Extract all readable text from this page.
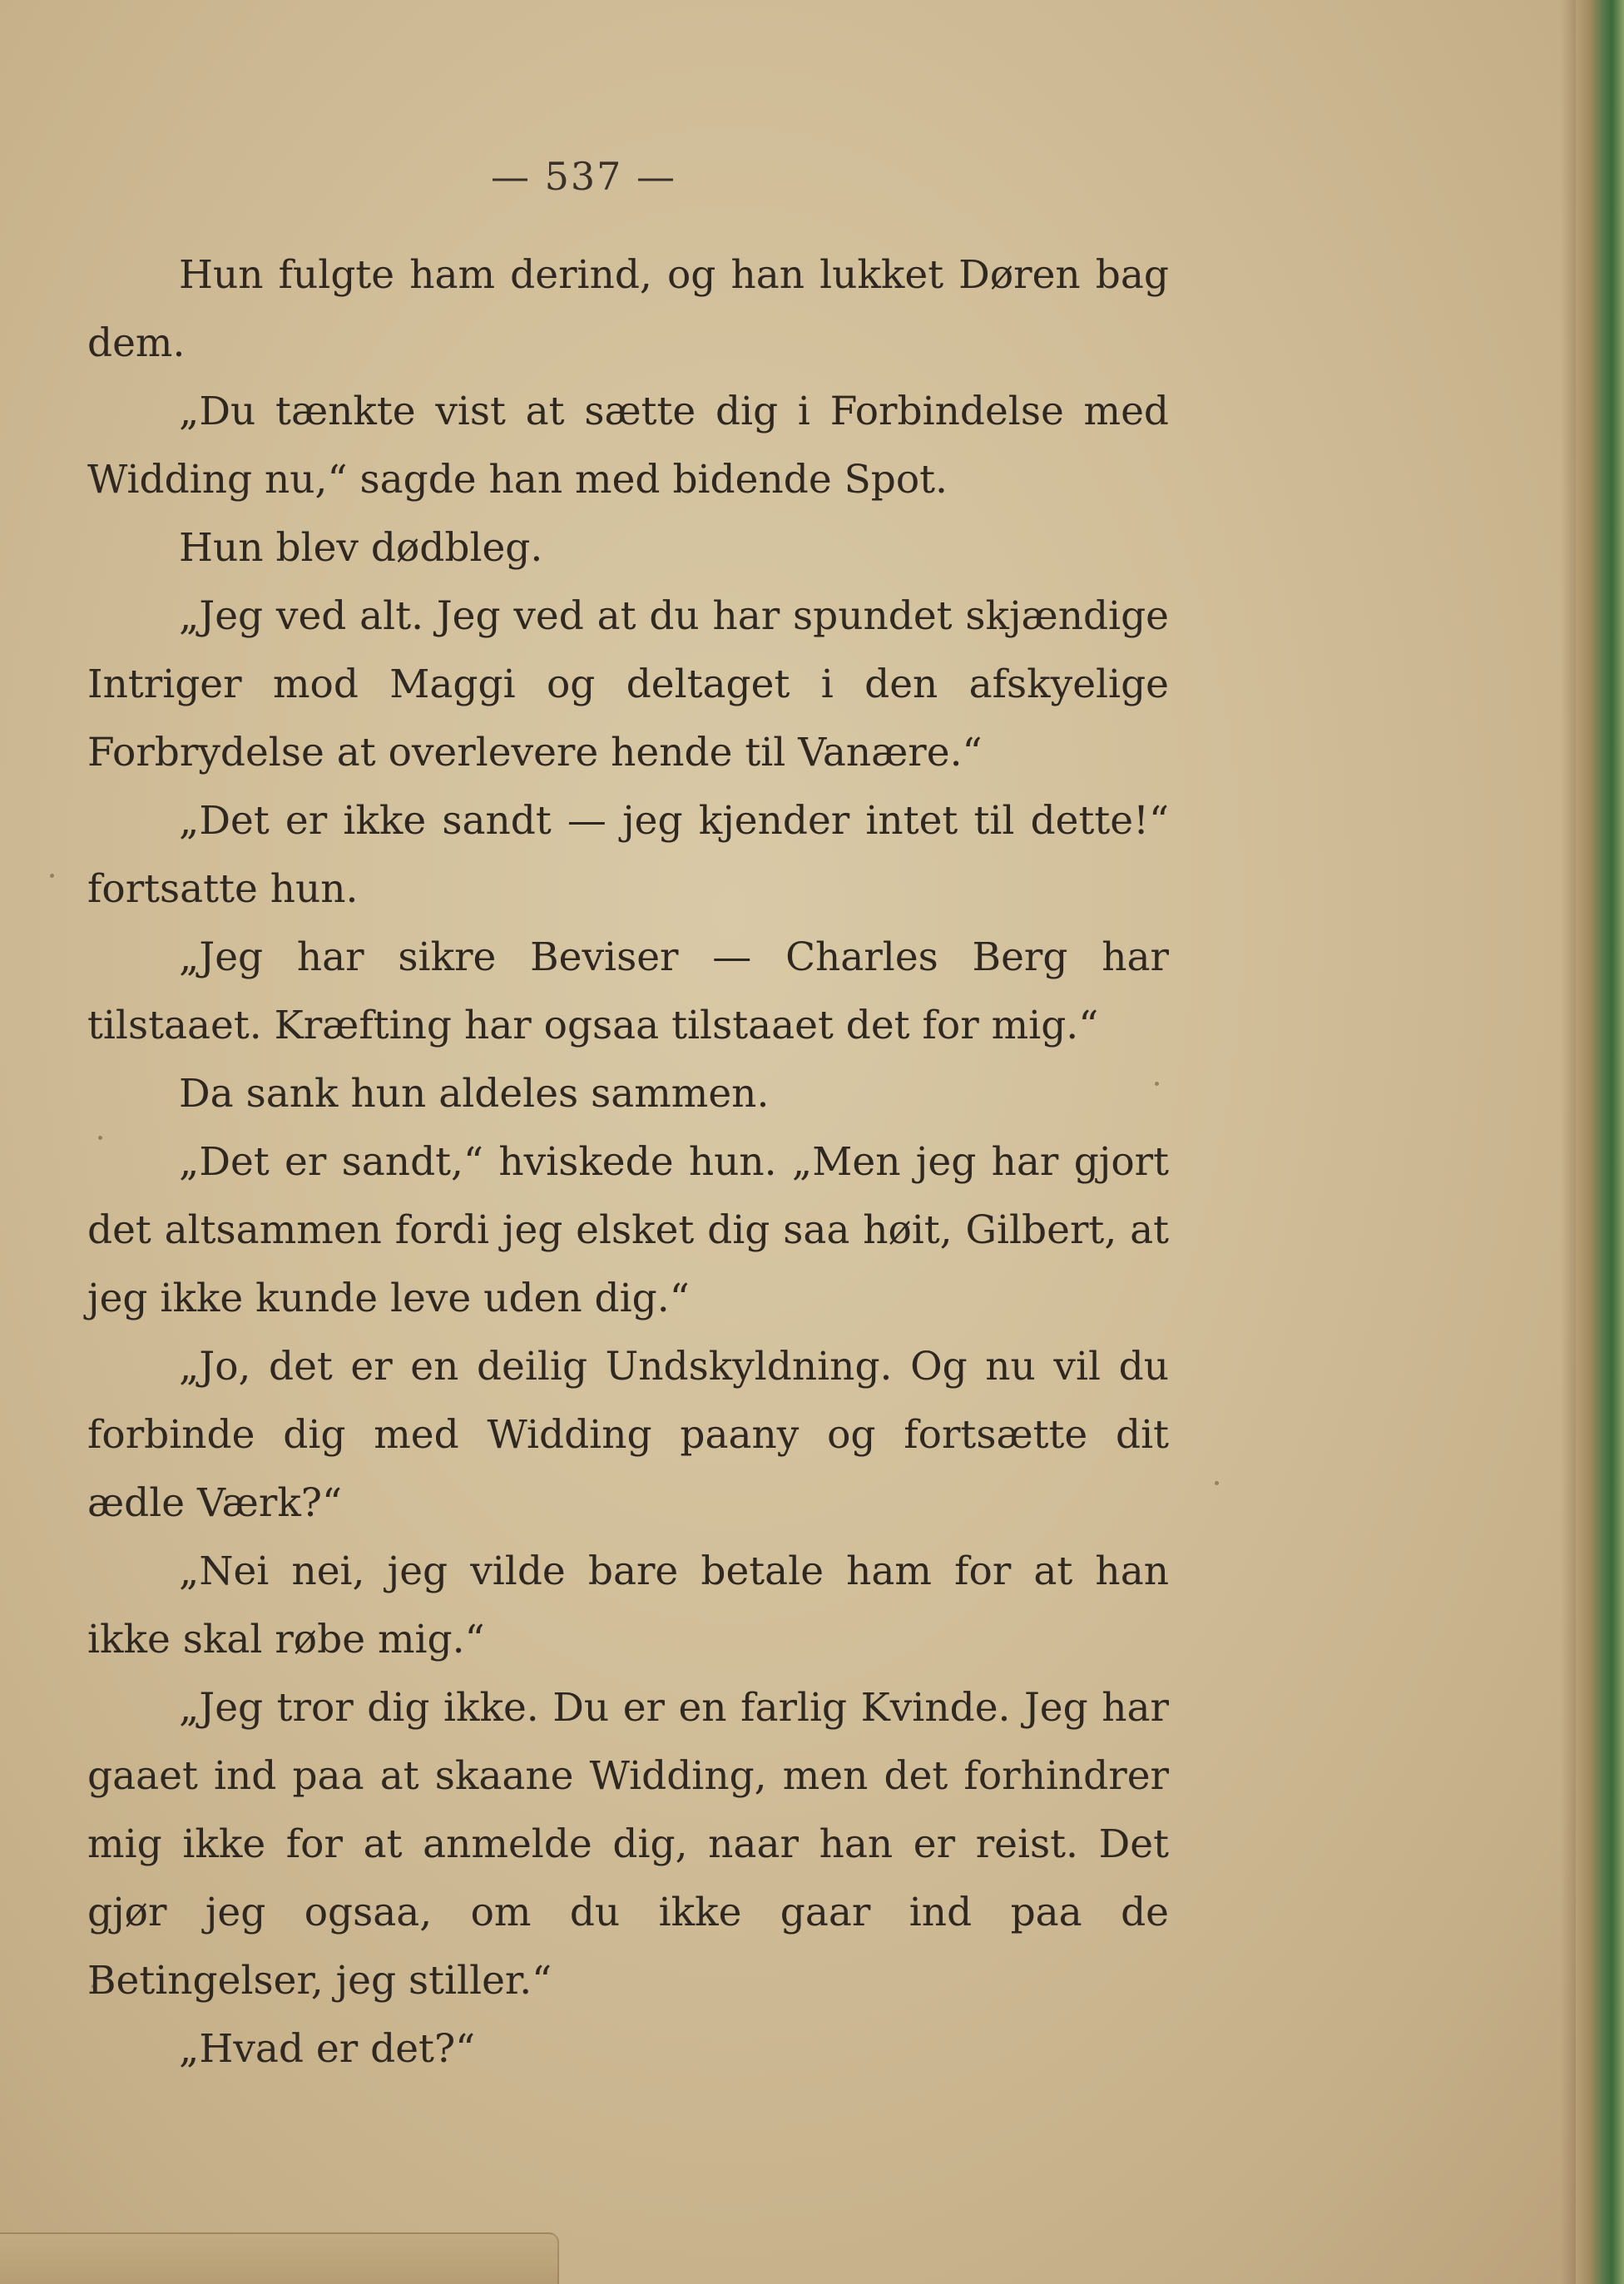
— 537 —

Hun fulgte ham derind, og han lukket Døren bag dem.

„Du tænkte vist at sætte dig i Forbindelse med Widding nu,“ sagde han med bidende Spot.

Hun blev dødbleg.

„Jeg ved alt. Jeg ved at du har spundet skjændige Intriger mod Maggi og deltaget i den afskyelige Forbrydelse at overlevere hende til Vanære.“

„Det er ikke sandt — jeg kjender intet til dette!“ fortsatte hun.

„Jeg har sikre Beviser — Charles Berg har tilstaaet. Kræfting har ogsaa tilstaaet det for mig.“

Da sank hun aldeles sammen.

„Det er sandt,“ hviskede hun. „Men jeg har gjort det altsammen fordi jeg elsket dig saa høit, Gilbert, at jeg ikke kunde leve uden dig.“

„Jo, det er en deilig Undskyldning. Og nu vil du forbinde dig med Widding paany og fortsætte dit ædle Værk?“

„Nei nei, jeg vilde bare betale ham for at han ikke skal røbe mig.“

„Jeg tror dig ikke. Du er en farlig Kvinde. Jeg har gaaet ind paa at skaane Widding, men det forhindrer mig ikke for at anmelde dig, naar han er reist. Det gjør jeg ogsaa, om du ikke gaar ind paa de Betingelser, jeg stiller.“

„Hvad er det?“
